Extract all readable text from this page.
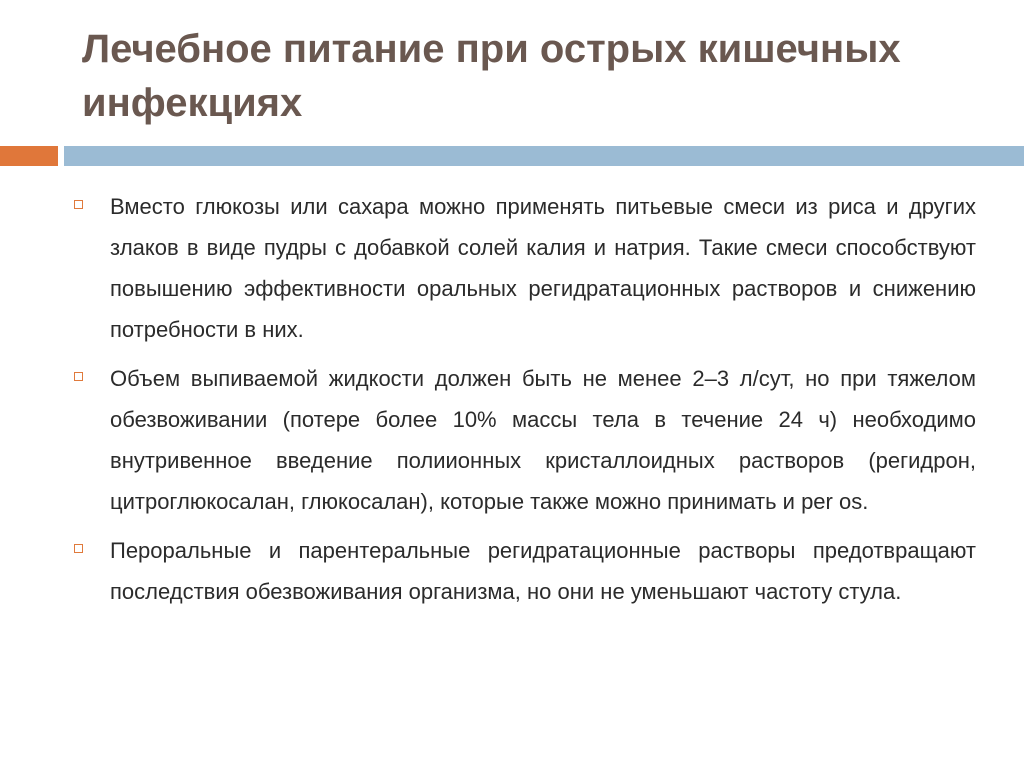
Лечебное питание при острых кишечных инфекциях
Вместо глюкозы или сахара можно применять питьевые смеси из риса и других злаков в виде пудры с добавкой солей калия и натрия. Такие смеси способствуют повышению эффективности оральных регидратационных растворов и снижению потребности в них.
Объем выпиваемой жидкости должен быть не менее 2–3 л/сут, но при тяжелом обезвоживании (потере более 10% массы тела в течение 24 ч) необходимо внутривенное введение полиионных кристаллоидных растворов (регидрон, цитроглюкосалан, глюкосалан), которые также можно принимать и per os.
Пероральные и парентеральные регидратационные растворы предотвращают последствия обезвоживания организма, но они не уменьшают частоту стула.
